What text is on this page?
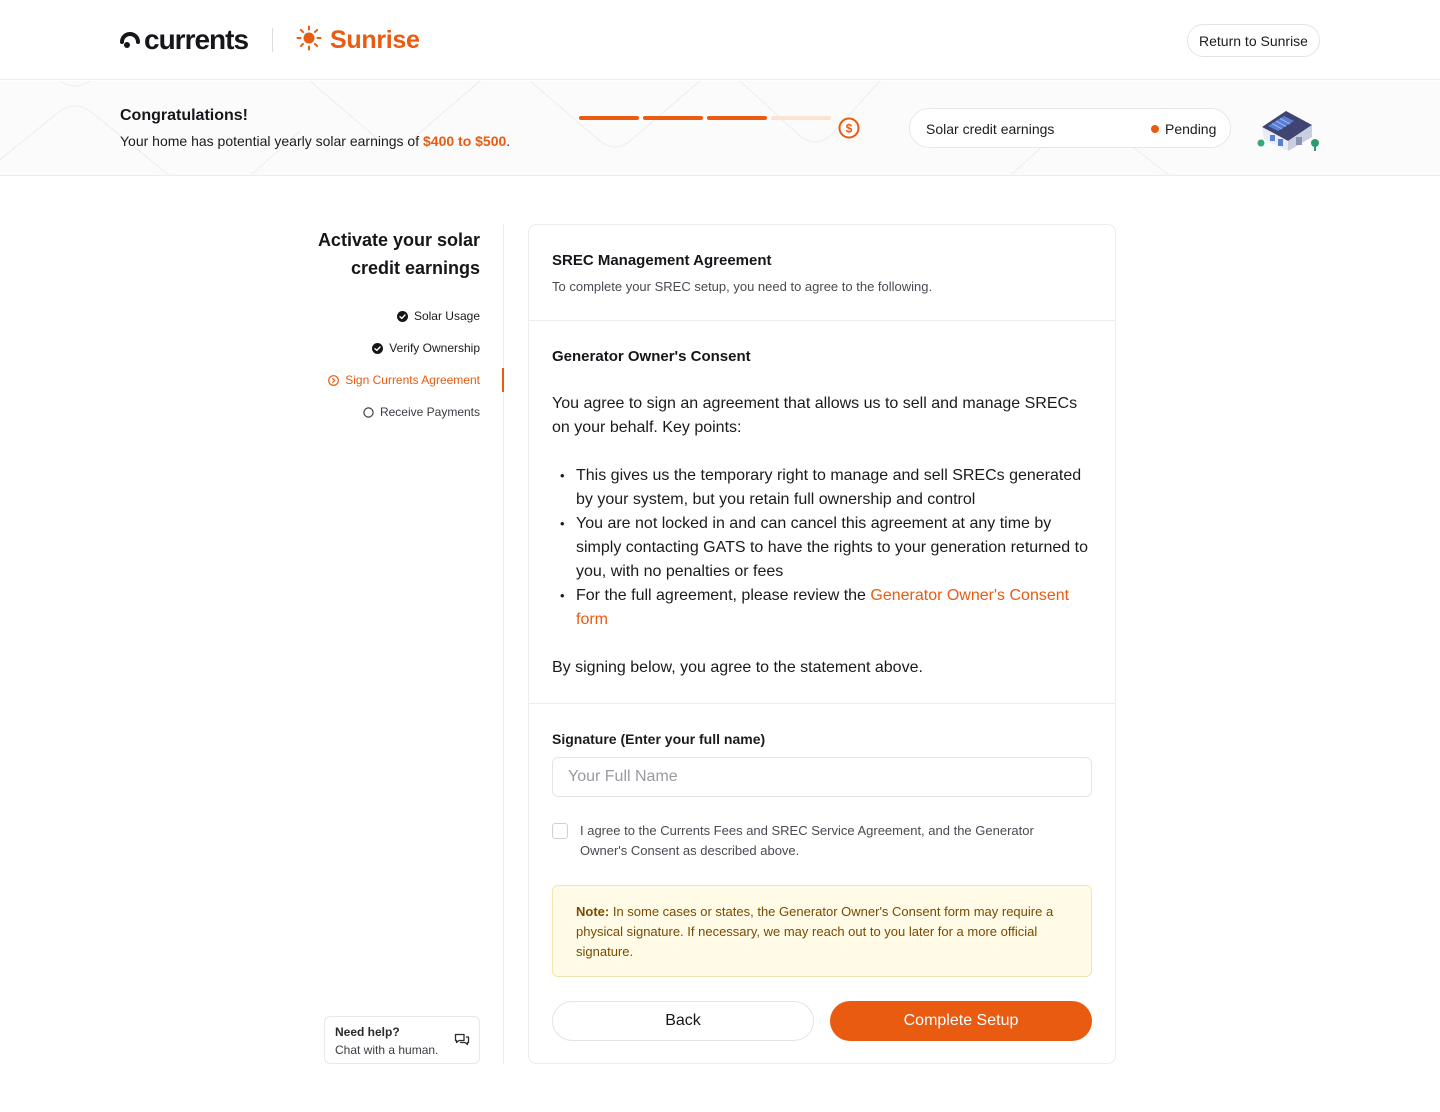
currents	Sunrise	Return to Sunrise
Congratulations!
Your home has potential yearly solar earnings of $400 to $500.
$	Solar credit earnings	Pending
Activate your solar credit earnings
Solar Usage
Verify Ownership
Sign Currents Agreement
Receive Payments
Need help?
Chat with a human.
SREC Management Agreement
To complete your SREC setup, you need to agree to the following.
Generator Owner's Consent

You agree to sign an agreement that allows us to sell and manage SRECs on your behalf. Key points:

• This gives us the temporary right to manage and sell SRECs generated by your system, but you retain full ownership and control
• You are not locked in and can cancel this agreement at any time by simply contacting GATS to have the rights to your generation returned to you, with no penalties or fees
• For the full agreement, please review the Generator Owner's Consent form

By signing below, you agree to the statement above.

Signature (Enter your full name)
Your Full Name
I agree to the Currents Fees and SREC Service Agreement, and the Generator Owner's Consent as described above.
Note: In some cases or states, the Generator Owner's Consent form may require a physical signature. If necessary, we may reach out to you later for a more official signature.
Back	Complete Setup
